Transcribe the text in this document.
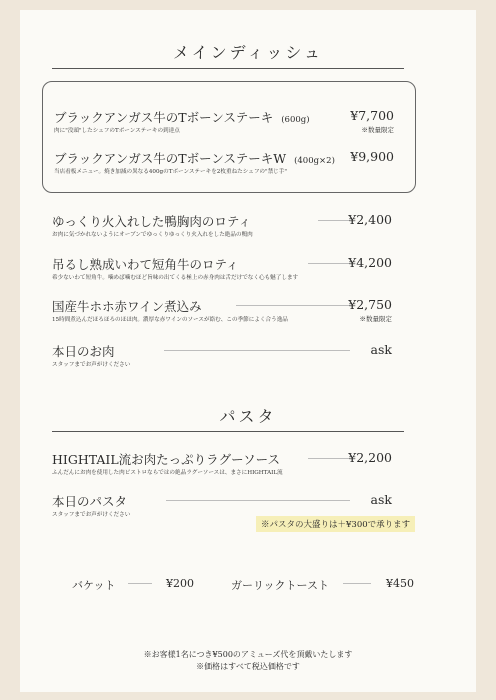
メインディッシュ
ブラックアンガス牛のTボーンステーキ (600g)
肉に"没頭"したシェフのTボーンステーキの到達点
¥7,700
※数量限定
ブラックアンガス牛のTボーンステーキW (400g×2)
当店看板メニュー。焼き加減の異なる400gのTボーンステーキを2枚重ねたシェフの"禁じ手"
¥9,900
ゆっくり火入れした鴨胸肉のロティ
お肉に気づかれないようにオーブンでゆっくりゆっくり火入れをした絶品の鴨肉
¥2,400
吊るし熟成いわて短角牛のロティ
希少ないわて短角牛。噛めば噛むほど旨味の出てくる極上の赤身肉は舌だけでなく心も魅了します
¥4,200
国産牛ホホ赤ワイン煮込み
15時間煮込んだほろほろのほほ肉。濃厚な赤ワインのソースが絡む、この季節によく合う逸品
¥2,750
※数量限定
本日のお肉
スタッフまでお声がけください
ask
パスタ
HIGHTAIL流お肉たっぷりラグーソース
ふんだんにお肉を使用した肉ビストロならではの絶品ラグーソースは、まさにHIGHTAIL流
¥2,200
本日のパスタ
スタッフまでお声がけください
ask
※パスタの大盛りは＋¥300で承ります
バケット	¥200	ガーリックトースト	¥450
※お客様1名につき¥500のアミューズ代を頂戴いたします
※価格はすべて税込価格です
